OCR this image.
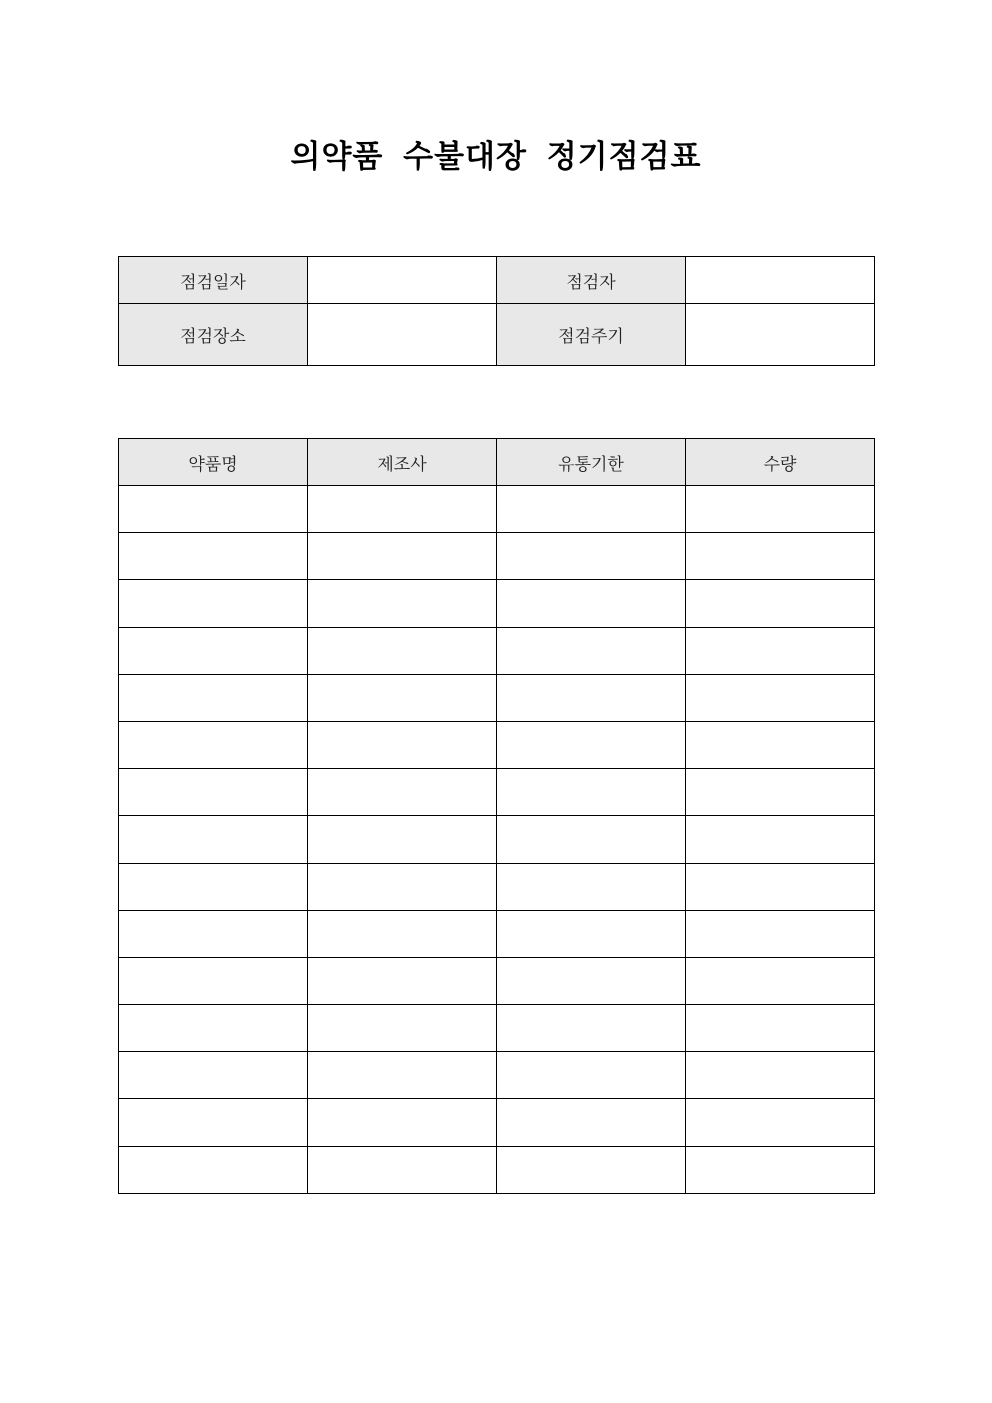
의약품 수불대장 정기점검표
점검일자		점검자	
점검장소		점검주기	
약품명	제조사	유통기한	수량
